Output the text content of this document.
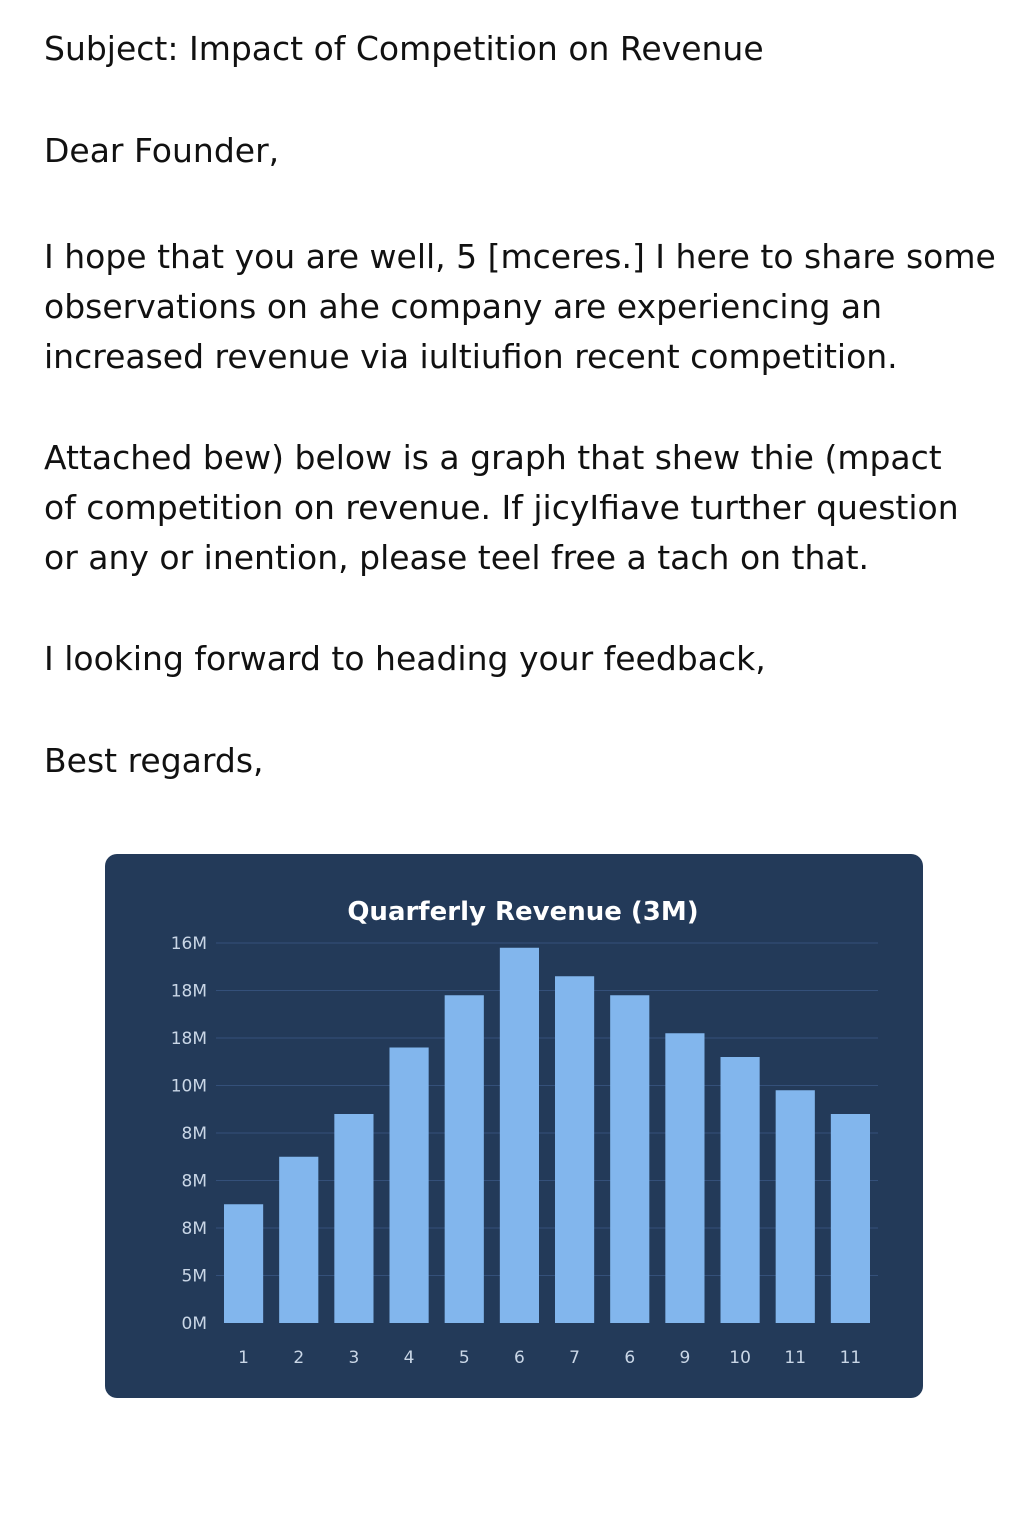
Subject: Impact of Competition on Revenue
Dear Founder,

I hope that you are well, 5 [mceres.] I here to share some
observations on ahe company are experiencing an
increased revenue via iultiufion recent competition.

Attached bew) below is a graph that shew thie (mpact
of competition on revenue. If jicyIfiave turther question
or any or inention, please teel free a tach on that.

I looking forward to heading your feedback,

Best regards,
Quarferly Revenue (3M)
0M
5M
8M
8M
8M
10M
18M
18M
16M
1	2	3	4	5	6	7	6	9 10 11 11
